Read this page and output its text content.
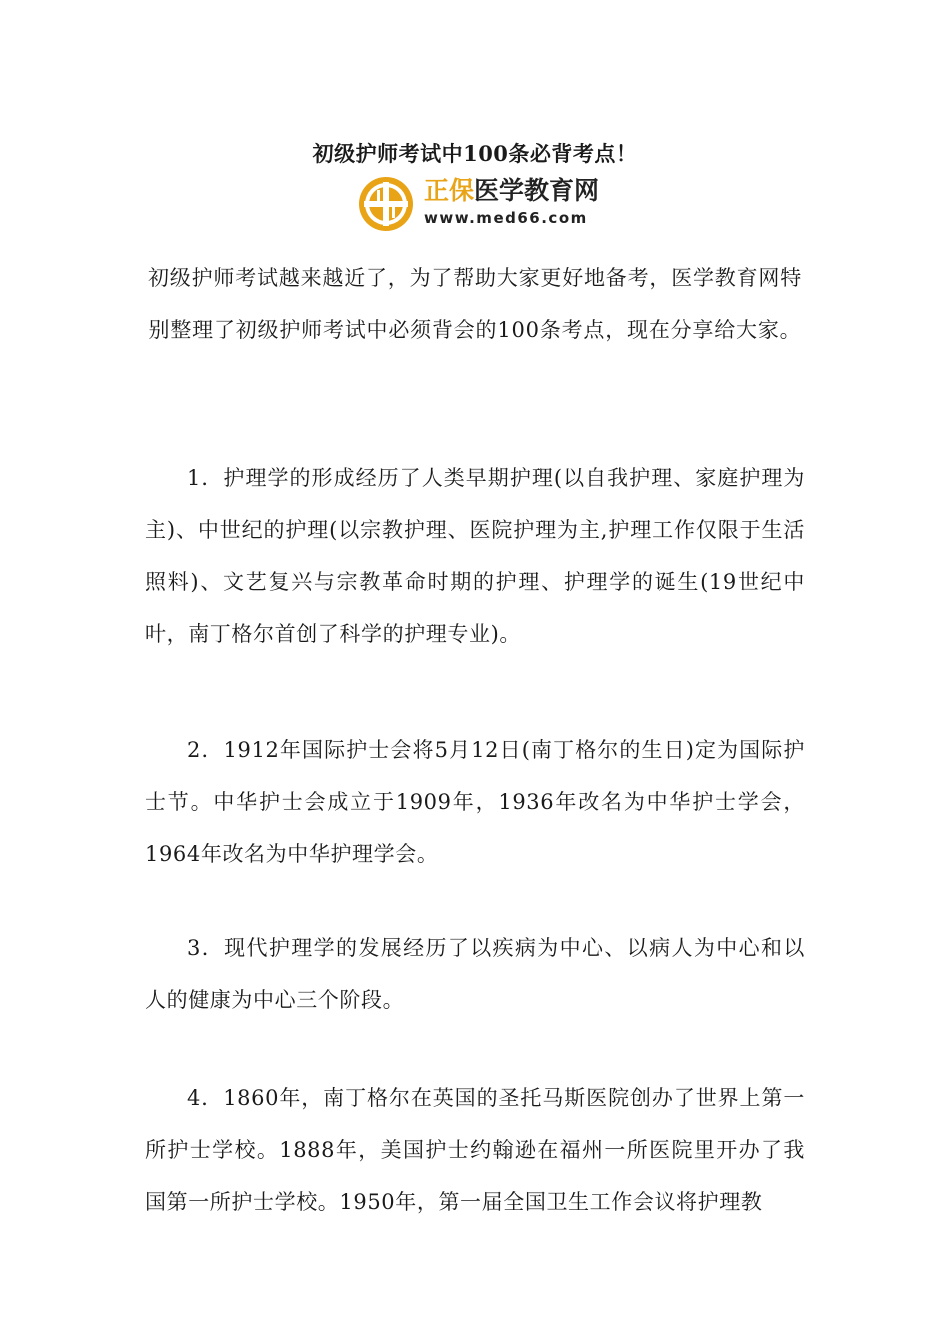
初级护师考试中100条必背考点！
正保医学教育网
www.med66.com
初级护师考试越来越近了，为了帮助大家更好地备考，医学教育网特别整理了初级护师考试中必须背会的100条考点，现在分享给大家。
1．护理学的形成经历了人类早期护理(以自我护理、家庭护理为主)、中世纪的护理(以宗教护理、医院护理为主,护理工作仅限于生活照料)、文艺复兴与宗教革命时期的护理、护理学的诞生(19世纪中叶，南丁格尔首创了科学的护理专业)。
2．1912年国际护士会将5月12日(南丁格尔的生日)定为国际护士节。中华护士会成立于1909年，1936年改名为中华护士学会，1964年改名为中华护理学会。
3．现代护理学的发展经历了以疾病为中心、以病人为中心和以人的健康为中心三个阶段。
4．1860年，南丁格尔在英国的圣托马斯医院创办了世界上第一所护士学校。1888年，美国护士约翰逊在福州一所医院里开办了我国第一所护士学校。1950年，第一届全国卫生工作会议将护理教
